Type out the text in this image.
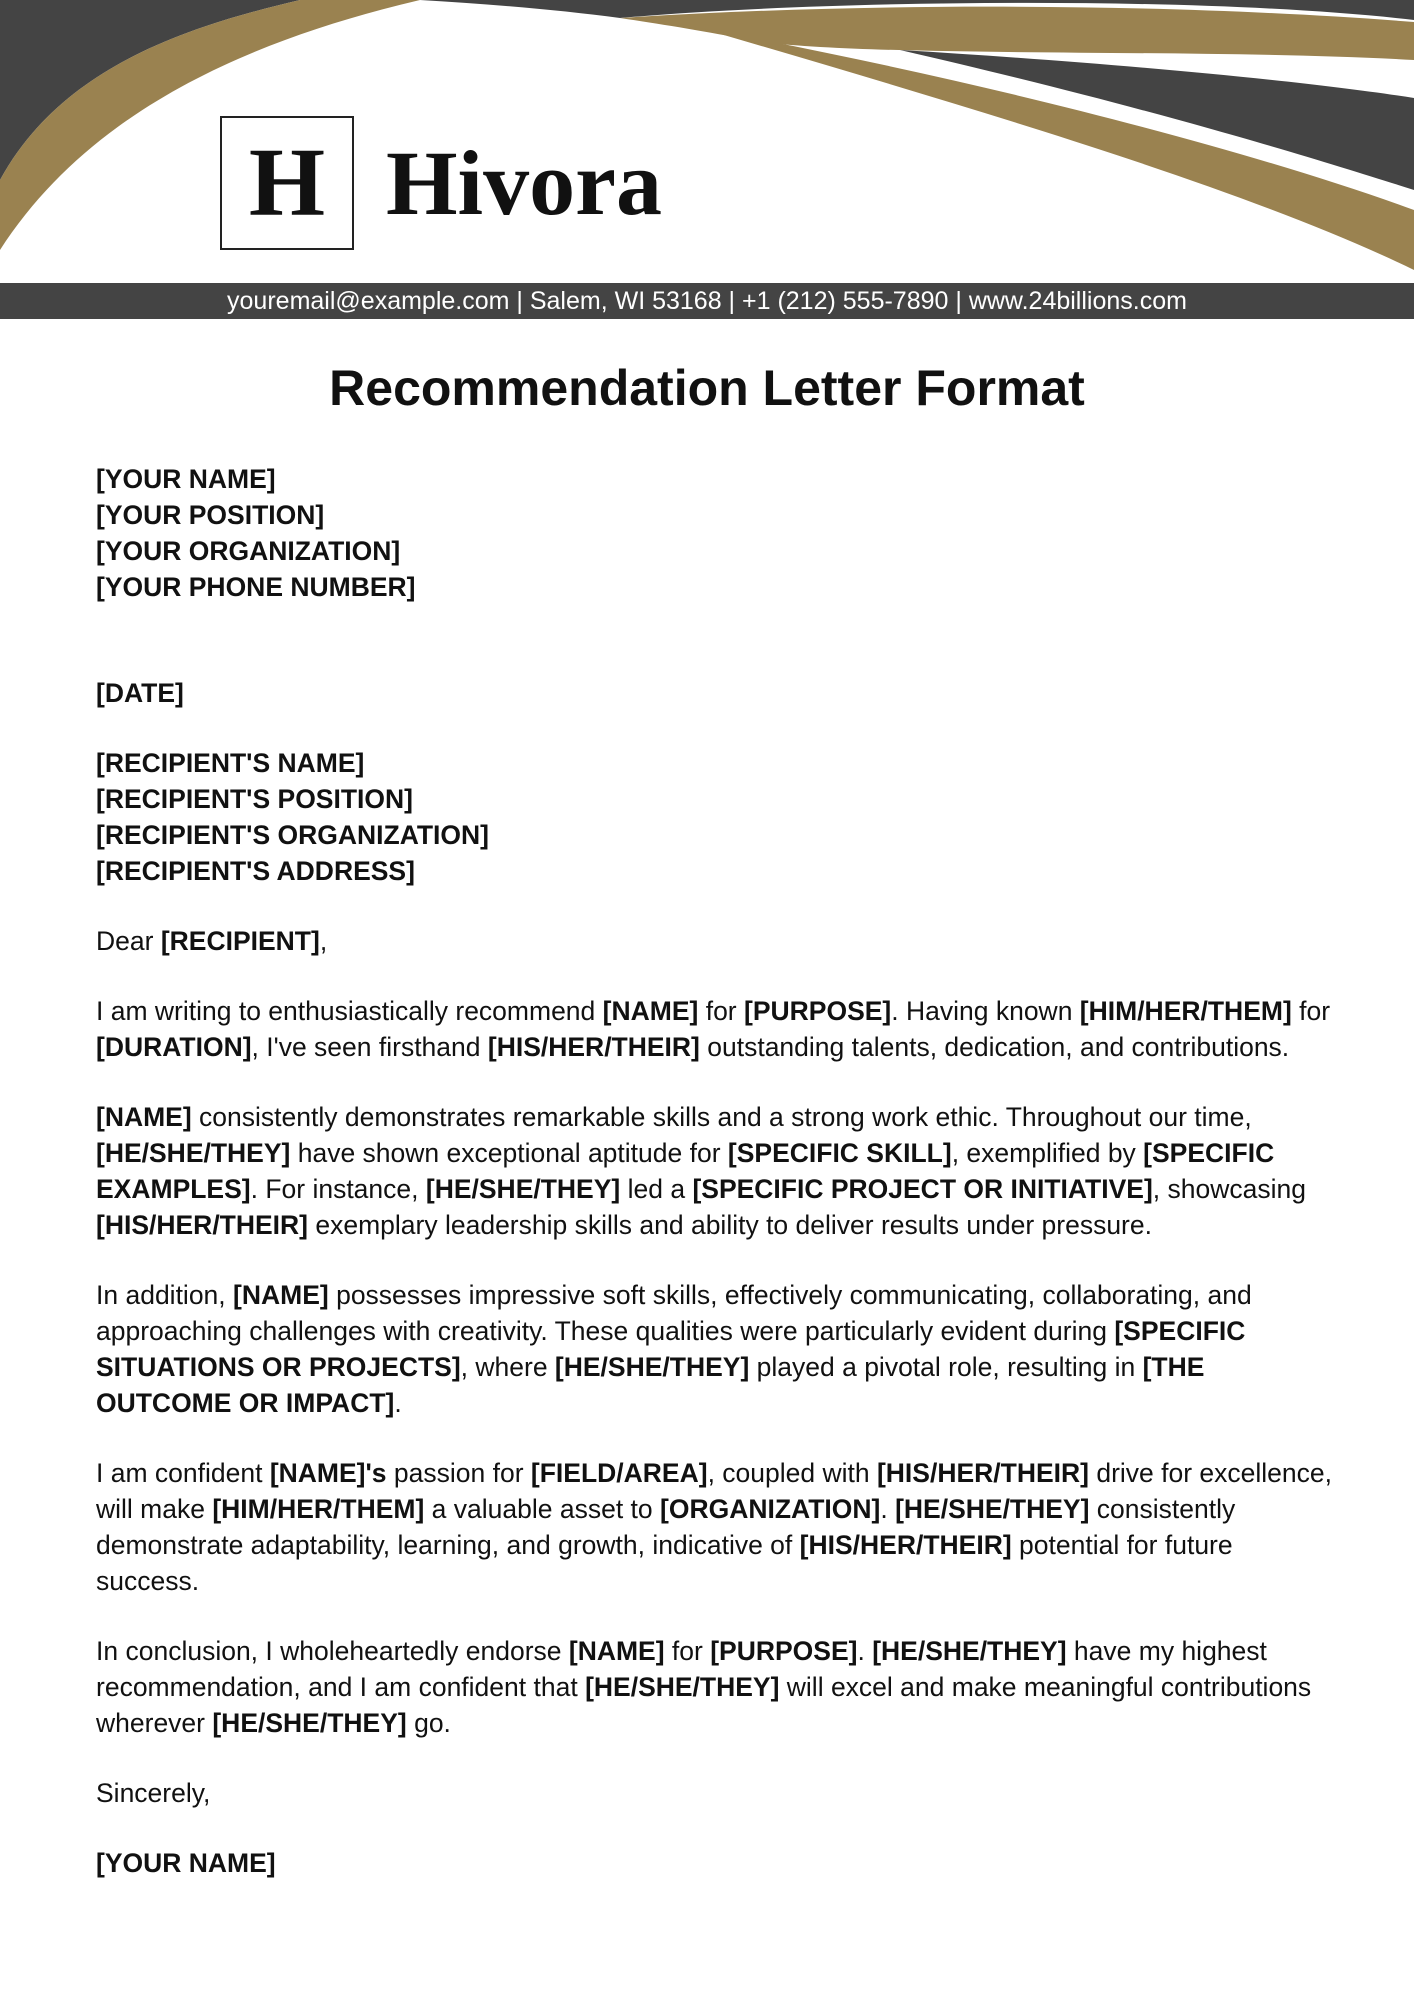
H Hivora
youremail@example.com | Salem, WI 53168 | +1 (212) 555-7890 | www.24billions.com
Recommendation Letter Format
[YOUR NAME]
[YOUR POSITION]
[YOUR ORGANIZATION]
[YOUR PHONE NUMBER]
[DATE]
[RECIPIENT'S NAME]
[RECIPIENT'S POSITION]
[RECIPIENT'S ORGANIZATION]
[RECIPIENT'S ADDRESS]
Dear [RECIPIENT],
I am writing to enthusiastically recommend [NAME] for [PURPOSE]. Having known [HIM/HER/THEM] for [DURATION], I've seen firsthand [HIS/HER/THEIR] outstanding talents, dedication, and contributions.
[NAME] consistently demonstrates remarkable skills and a strong work ethic. Throughout our time, [HE/SHE/THEY] have shown exceptional aptitude for [SPECIFIC SKILL], exemplified by [SPECIFIC EXAMPLES]. For instance, [HE/SHE/THEY] led a [SPECIFIC PROJECT OR INITIATIVE], showcasing [HIS/HER/THEIR] exemplary leadership skills and ability to deliver results under pressure.
In addition, [NAME] possesses impressive soft skills, effectively communicating, collaborating, and approaching challenges with creativity. These qualities were particularly evident during [SPECIFIC SITUATIONS OR PROJECTS], where [HE/SHE/THEY] played a pivotal role, resulting in [THE OUTCOME OR IMPACT].
I am confident [NAME]'s passion for [FIELD/AREA], coupled with [HIS/HER/THEIR] drive for excellence, will make [HIM/HER/THEM] a valuable asset to [ORGANIZATION]. [HE/SHE/THEY] consistently demonstrate adaptability, learning, and growth, indicative of [HIS/HER/THEIR] potential for future success.
In conclusion, I wholeheartedly endorse [NAME] for [PURPOSE]. [HE/SHE/THEY] have my highest recommendation, and I am confident that [HE/SHE/THEY] will excel and make meaningful contributions wherever [HE/SHE/THEY] go.
Sincerely,
[YOUR NAME]
